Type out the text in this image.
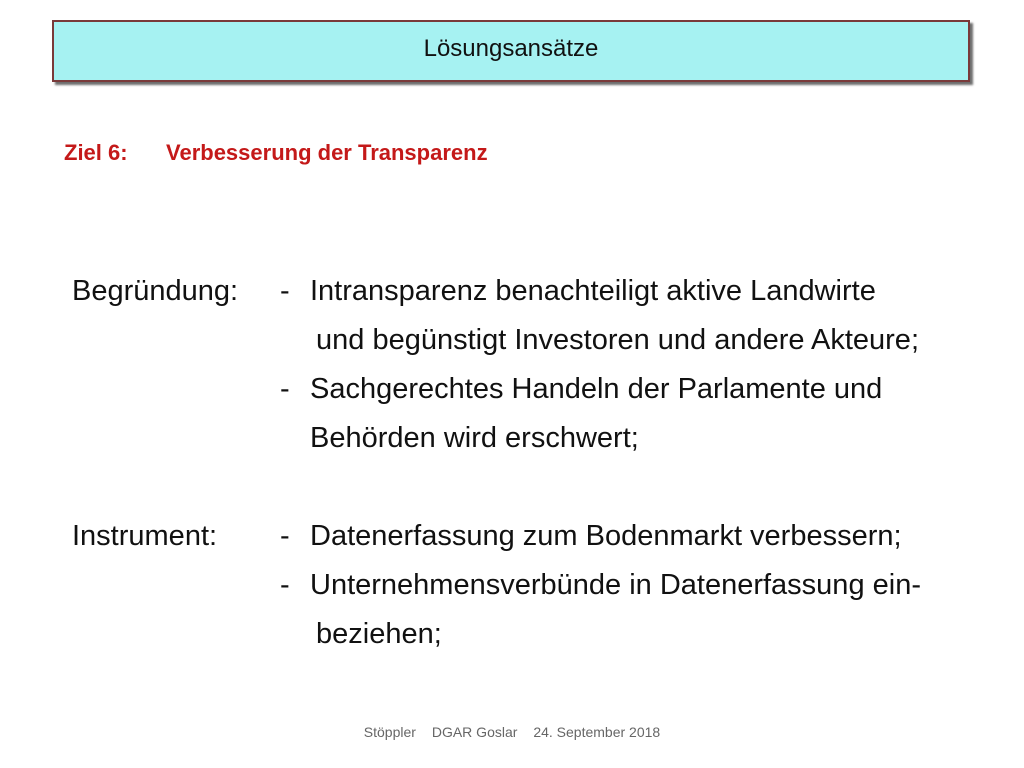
Lösungsansätze
Ziel 6: Verbesserung der Transparenz
Begründung: - Intransparenz benachteiligt aktive Landwirte
und begünstigt Investoren und andere Akteure;
- Sachgerechtes Handeln der Parlamente und
Behörden wird erschwert;
Instrument: - Datenerfassung zum Bodenmarkt verbessern;
- Unternehmensverbünde in Datenerfassung ein-
beziehen;
Stöppler DGAR Goslar 24. September 2018
